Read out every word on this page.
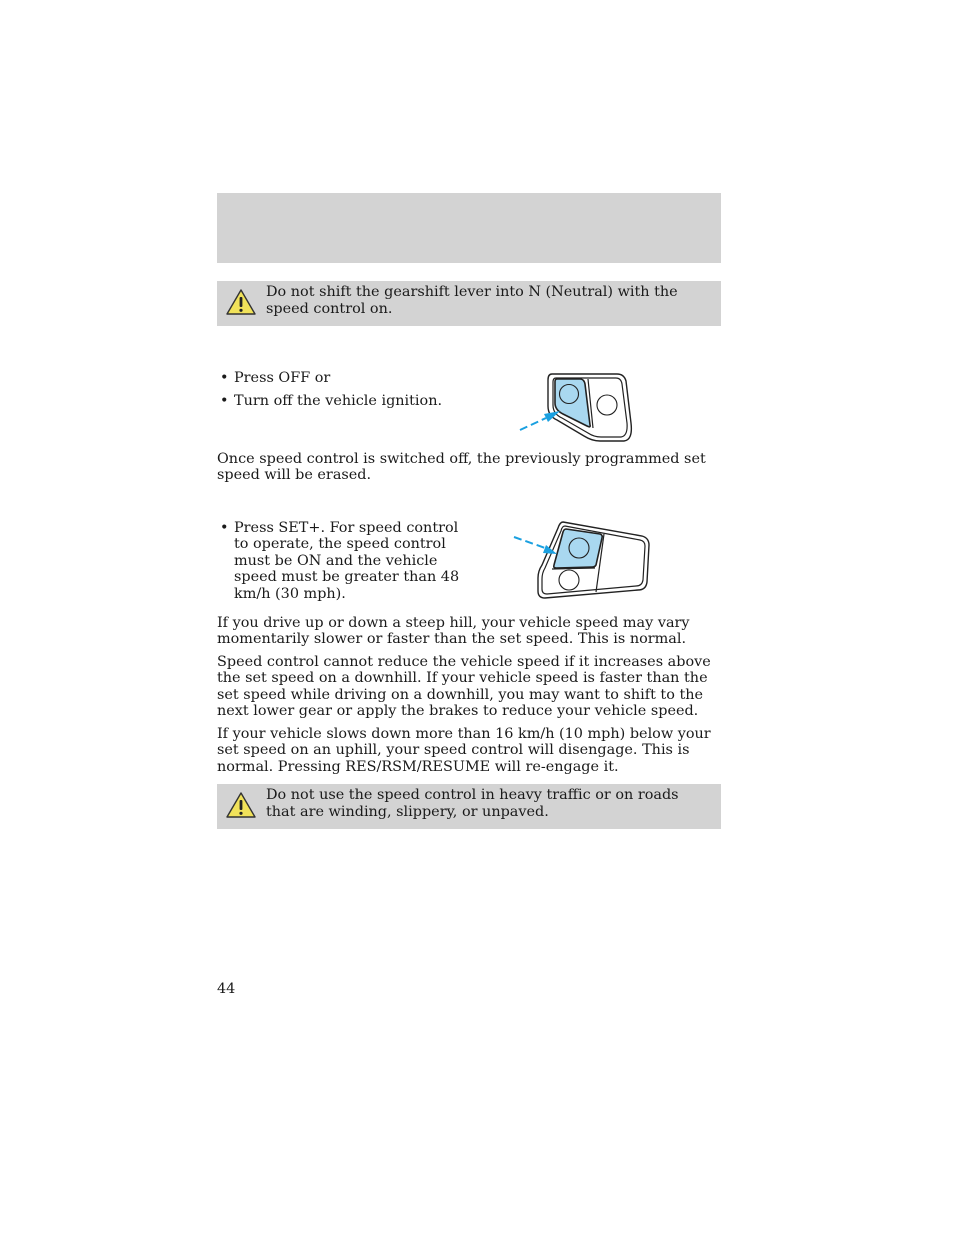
Do not shift the gearshift lever into N (Neutral) with the speed control on.
• Press OFF or
• Turn off the vehicle ignition.

Once speed control is switched off, the previously programmed set speed will be erased.

• Press SET+. For speed control to operate, the speed control must be ON and the vehicle speed must be greater than 48 km/h (30 mph).

If you drive up or down a steep hill, your vehicle speed may vary momentarily slower or faster than the set speed. This is normal.

Speed control cannot reduce the vehicle speed if it increases above the set speed on a downhill. If your vehicle speed is faster than the set speed while driving on a downhill, you may want to shift to the next lower gear or apply the brakes to reduce your vehicle speed.

If your vehicle slows down more than 16 km/h (10 mph) below your set speed on an uphill, your speed control will disengage. This is normal. Pressing RES/RSM/RESUME will re-engage it.

Do not use the speed control in heavy traffic or on roads that are winding, slippery, or unpaved.
44
